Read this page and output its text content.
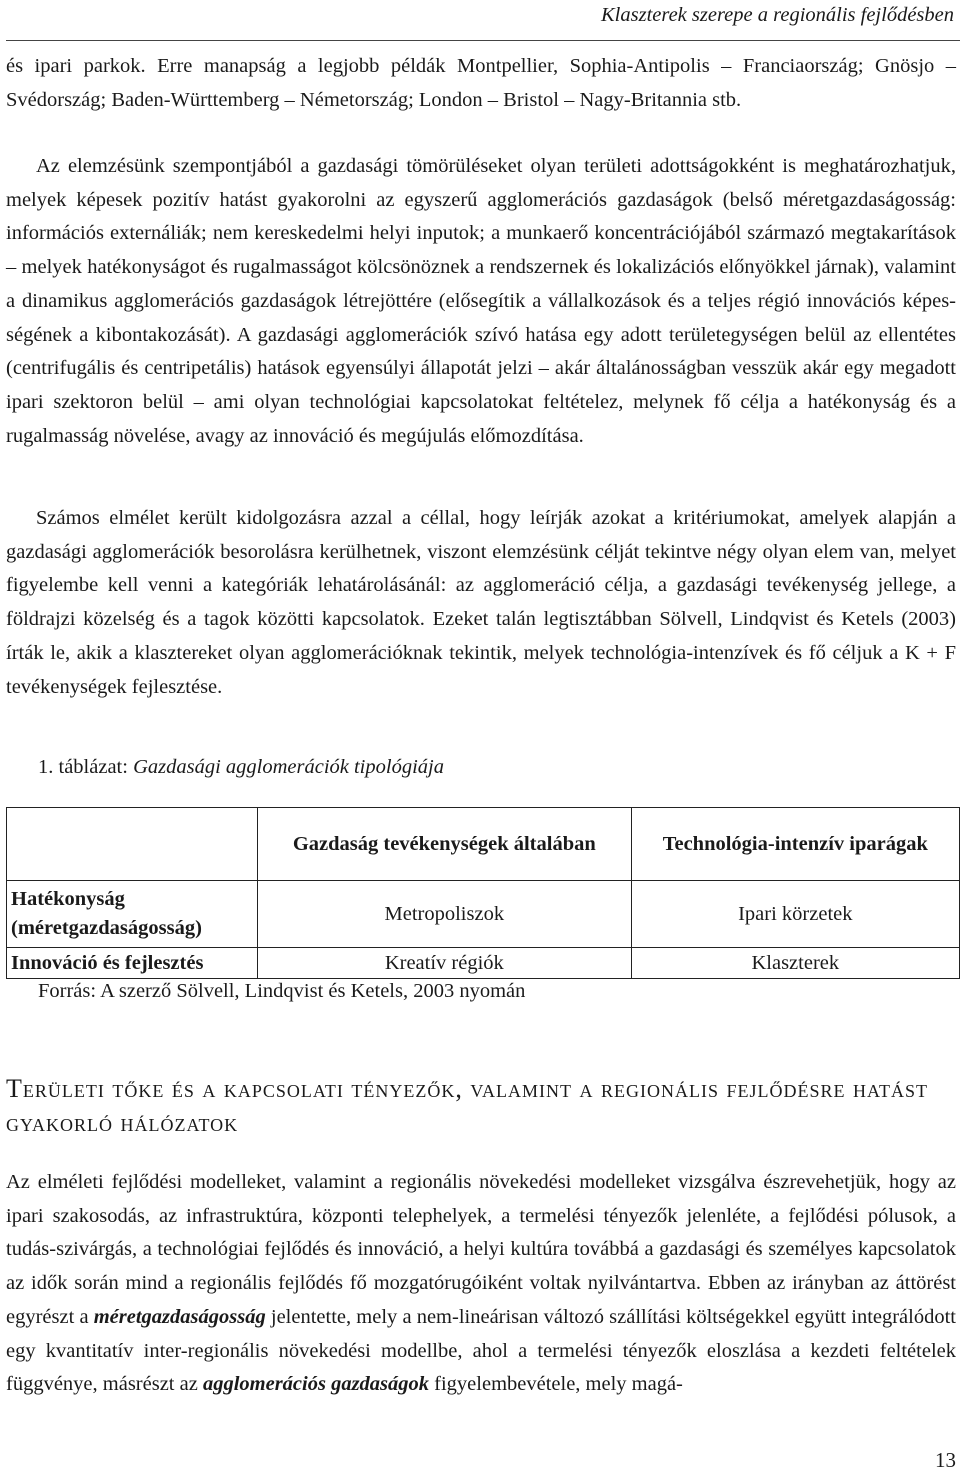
Klaszterek szerepe a regionális fejlődésben

és ipari parkok. Erre manapság a legjobb példák Montpellier, Sophia-Antipolis – Franciaország; Gnösjo – Svédország; Baden-Württemberg – Németország; London – Bristol – Nagy-Britannia stb.

Az elemzésünk szempontjából a gazdasági tömörüléseket olyan területi adottságokként is meghatározhatjuk, melyek képesek pozitív hatást gyakorolni az egyszerű agglomerációs gazdaságok (belső méretgazdaságosság: információs externáliák; nem kereskedelmi helyi inputok; a munkaerő koncentrációjából származó megtakarítások – melyek hatékonyságot és rugalmasságot kölcsönöznek a rendszernek és lokalizációs előnyökkel járnak), valamint a dinamikus agglomerációs gazdaságok létrejöttére (elősegítik a vállalkozások és a teljes régió innovációs képességének a kibontakozását). A gazdasági agglomerációk szívó hatása egy adott területegységen belül az ellentétes (centrifugális és centripetális) hatások egyensúlyi állapotát jelzi – akár általánosságban vesszük akár egy megadott ipari szektoron belül – ami olyan technológiai kapcsolatokat feltételez, melynek fő célja a hatékonyság és a rugalmasság növelése, avagy az innováció és megújulás előmozdítása.

Számos elmélet került kidolgozásra azzal a céllal, hogy leírják azokat a kritériumokat, amelyek alapján a gazdasági agglomerációk besorolásra kerülhetnek, viszont elemzésünk célját tekintve négy olyan elem van, melyet figyelembe kell venni a kategóriák lehatárolásánál: az agglomeráció célja, a gazdasági tevékenység jellege, a földrajzi közelség és a tagok közötti kapcsolatok. Ezeket talán legtisztábban Sölvell, Lindqvist és Ketels (2003) írták le, akik a klasztereket olyan agglomerációknak tekintik, melyek technológia-intenzívek és fő céljuk a K + F tevékenységek fejlesztése.

1. táblázat: Gazdasági agglomerációk tipológiája
	Gazdaság tevékenységek általában	Technológia-intenzív iparágak
Hatékonyság (méretgazdaságosság)	Metropoliszok	Ipari körzetek
Innováció és fejlesztés	Kreatív régiók	Klaszterek
Forrás: A szerző Sölvell, Lindqvist és Ketels, 2003 nyomán
Területi tőke és a kapcsolati tényezők, valamint a regionális fejlődésre hatást gyakorló hálózatok

Az elméleti fejlődési modelleket, valamint a regionális növekedési modelleket vizsgálva észrevehetjük, hogy az ipari szakosodás, az infrastruktúra, központi telephelyek, a termelési tényezők jelenléte, a fejlődési pólusok, a tudás-szivárgás, a technológiai fejlődés és innováció, a helyi kultúra továbbá a gazdasági és személyes kapcsolatok az idők során mind a regionális fejlődés fő mozgatórugóiként voltak nyilvántartva. Ebben az irányban az áttörést egyrészt a méretgazdaságosság jelentette, mely a nem-lineárisan változó szállítási költségekkel együtt integrálódott egy kvantitatív inter-regionális növekedési modellbe, ahol a termelési tényezők eloszlása a kezdeti feltételek függvénye, másrészt az agglomerációs gazdaságok figyelembevétele, mely magá-

13
